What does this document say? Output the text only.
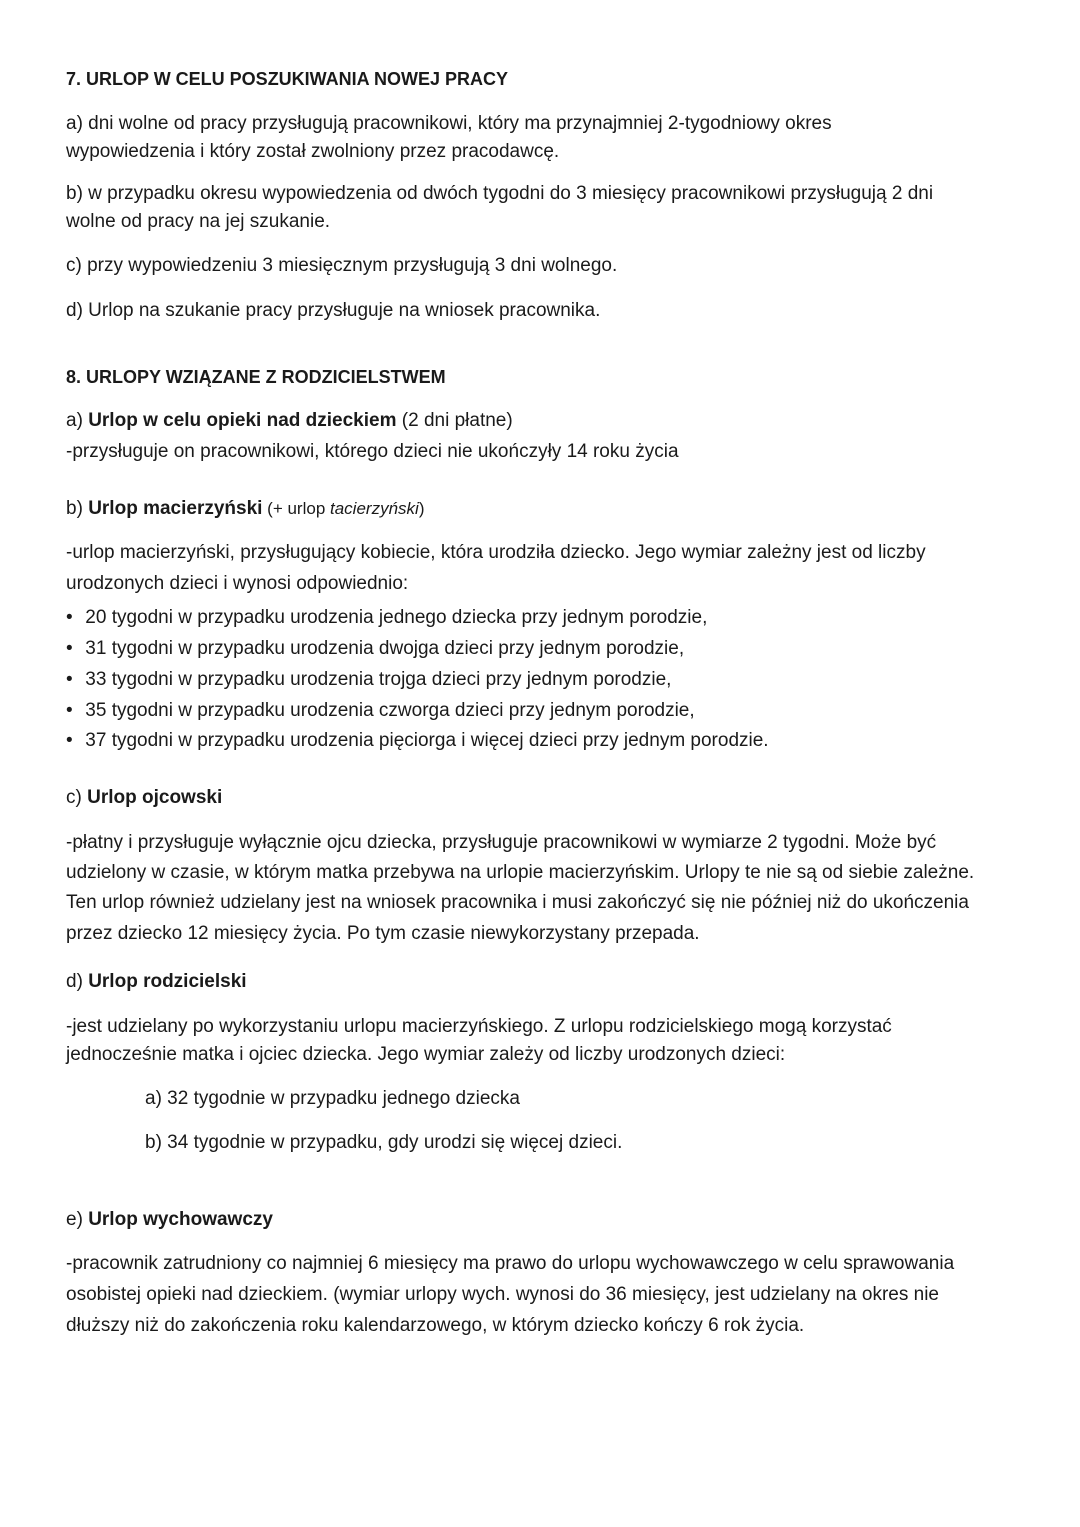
7. URLOP W CELU POSZUKIWANIA NOWEJ PRACY

a) dni wolne od pracy przysługują pracownikowi, który ma przynajmniej 2-tygodniowy okres

wypowiedzenia i który został zwolniony przez pracodawcę.

b) w przypadku okresu wypowiedzenia od dwóch tygodni do 3 miesięcy pracownikowi przysługują 2 dni

wolne od pracy na jej szukanie.

c) przy wypowiedzeniu 3 miesięcznym przysługują 3 dni wolnego.

d) Urlop na szukanie pracy przysługuje na wniosek pracownika.

8. URLOPY WZIĄZANE Z RODZICIELSTWEM

a) Urlop w celu opieki nad dzieckiem (2 dni płatne)

-przysługuje on pracownikowi, którego dzieci nie ukończyły 14 roku życia

b) Urlop macierzyński (+ urlop tacierzyński)

-urlop macierzyński, przysługujący kobiecie, która urodziła dziecko. Jego wymiar zależny jest od liczby

urodzonych dzieci i wynosi odpowiednio:

• 20 tygodni w przypadku urodzenia jednego dziecka przy jednym porodzie,

• 31 tygodni w przypadku urodzenia dwojga dzieci przy jednym porodzie,

• 33 tygodni w przypadku urodzenia trojga dzieci przy jednym porodzie,

• 35 tygodni w przypadku urodzenia czworga dzieci przy jednym porodzie,

• 37 tygodni w przypadku urodzenia pięciorga i więcej dzieci przy jednym porodzie.

c) Urlop ojcowski

-płatny i przysługuje wyłącznie ojcu dziecka, przysługuje pracownikowi w wymiarze 2 tygodni. Może być

udzielony w czasie, w którym matka przebywa na urlopie macierzyńskim. Urlopy te nie są od siebie zależne.

Ten urlop również udzielany jest na wniosek pracownika i musi zakończyć się nie później niż do ukończenia

przez dziecko 12 miesięcy życia. Po tym czasie niewykorzystany przepada.

d) Urlop rodzicielski

-jest udzielany po wykorzystaniu urlopu macierzyńskiego. Z urlopu rodzicielskiego mogą korzystać

jednocześnie matka i ojciec dziecka. Jego wymiar zależy od liczby urodzonych dzieci:

a) 32 tygodnie w przypadku jednego dziecka

b) 34 tygodnie w przypadku, gdy urodzi się więcej dzieci.

e) Urlop wychowawczy

-pracownik zatrudniony co najmniej 6 miesięcy ma prawo do urlopu wychowawczego w celu sprawowania

osobistej opieki nad dzieckiem. (wymiar urlopy wych. wynosi do 36 miesięcy, jest udzielany na okres nie

dłuższy niż do zakończenia roku kalendarzowego, w którym dziecko kończy 6 rok życia.
